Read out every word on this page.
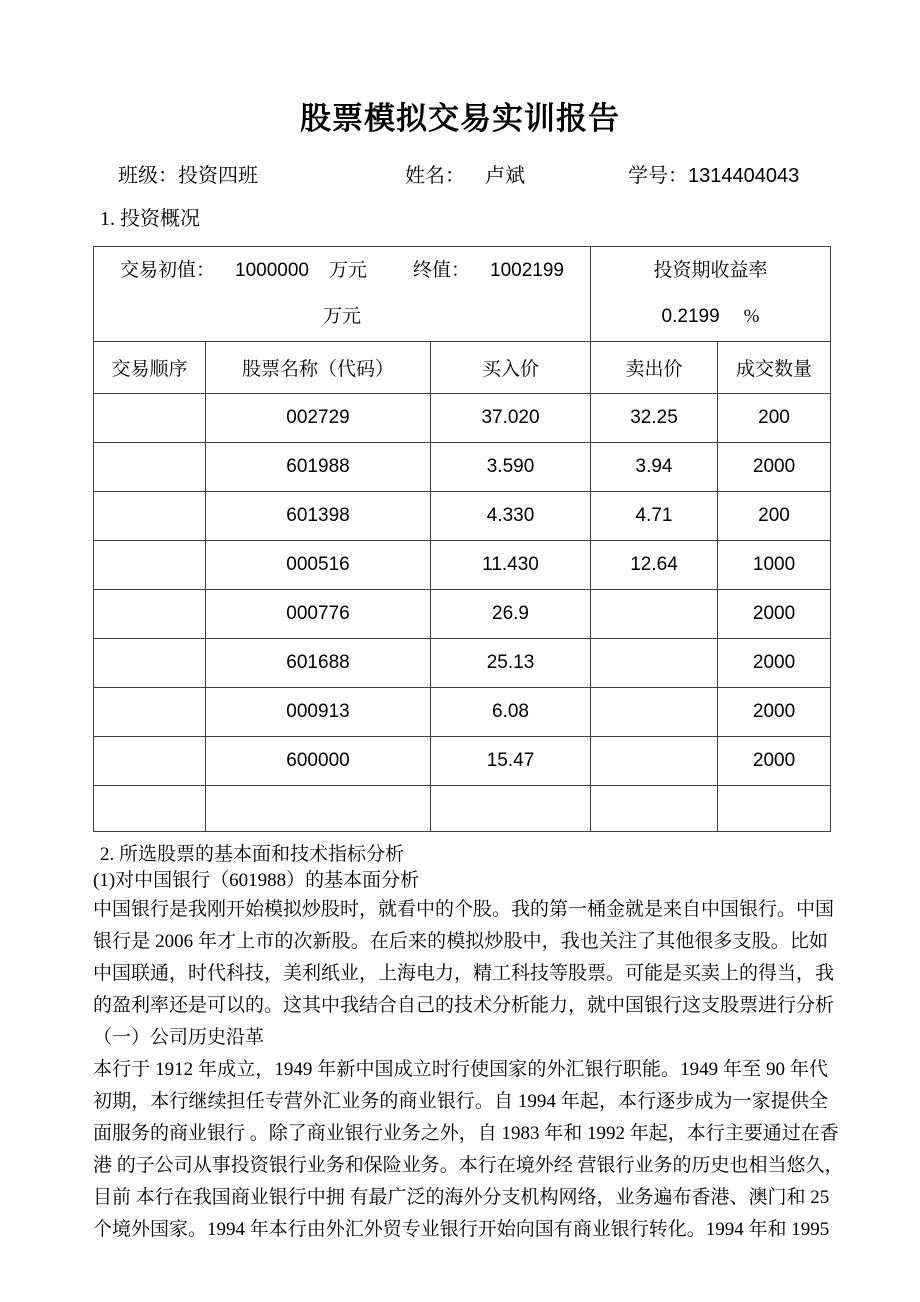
股票模拟交易实训报告
班级： 投资四班	姓名： 卢斌	学号： 1314404043
1. 投资概况
交易初值： 1000000 万元 终值： 1002199
万元

投资期收益率
0.2199 %

交易顺序	股票名称（代码）	买入价	卖出价	成交数量
	002729	37.020	32.25	200
	601988	3.590	3.94	2000
	601398	4.330	4.71	200
	000516	11.430	12.64	1000
	000776	26.9		2000
	601688	25.13		2000
	000913	6.08		2000
	600000	15.47		2000

2. 所选股票的基本面和技术指标分析
(1)对中国银行（601988）的基本面分析
中国银行是我刚开始模拟炒股时，就看中的个股。我的第一桶金就是来自中国银行。中国
银行是 2006 年才上市的次新股。在后来的模拟炒股中，我也关注了其他很多支股。比如
中国联通，时代科技，美利纸业，上海电力，精工科技等股票。可能是买卖上的得当，我
的盈利率还是可以的。这其中我结合自己的技术分析能力，就中国银行这支股票进行分析
（一）公司历史沿革
本行于 1912 年成立，1949 年新中国成立时行使国家的外汇银行职能。1949 年至 90 年代
初期，本行继续担任专营外汇业务的商业银行。自 1994 年起，本行逐步成为一家提供全
面服务的商业银行 。除了商业银行业务之外，自 1983 年和 1992 年起，本行主要通过在香
港 的子公司从事投资银行业务和保险业务。本行在境外经 营银行业务的历史也相当悠久，
目前 本行在我国商业银行中拥 有最广泛的海外分支机构网络，业务遍布香港、澳门和 25
个境外国家。1994 年本行由外汇外贸专业银行开始向国有商业银行转化。1994 年和 1995
